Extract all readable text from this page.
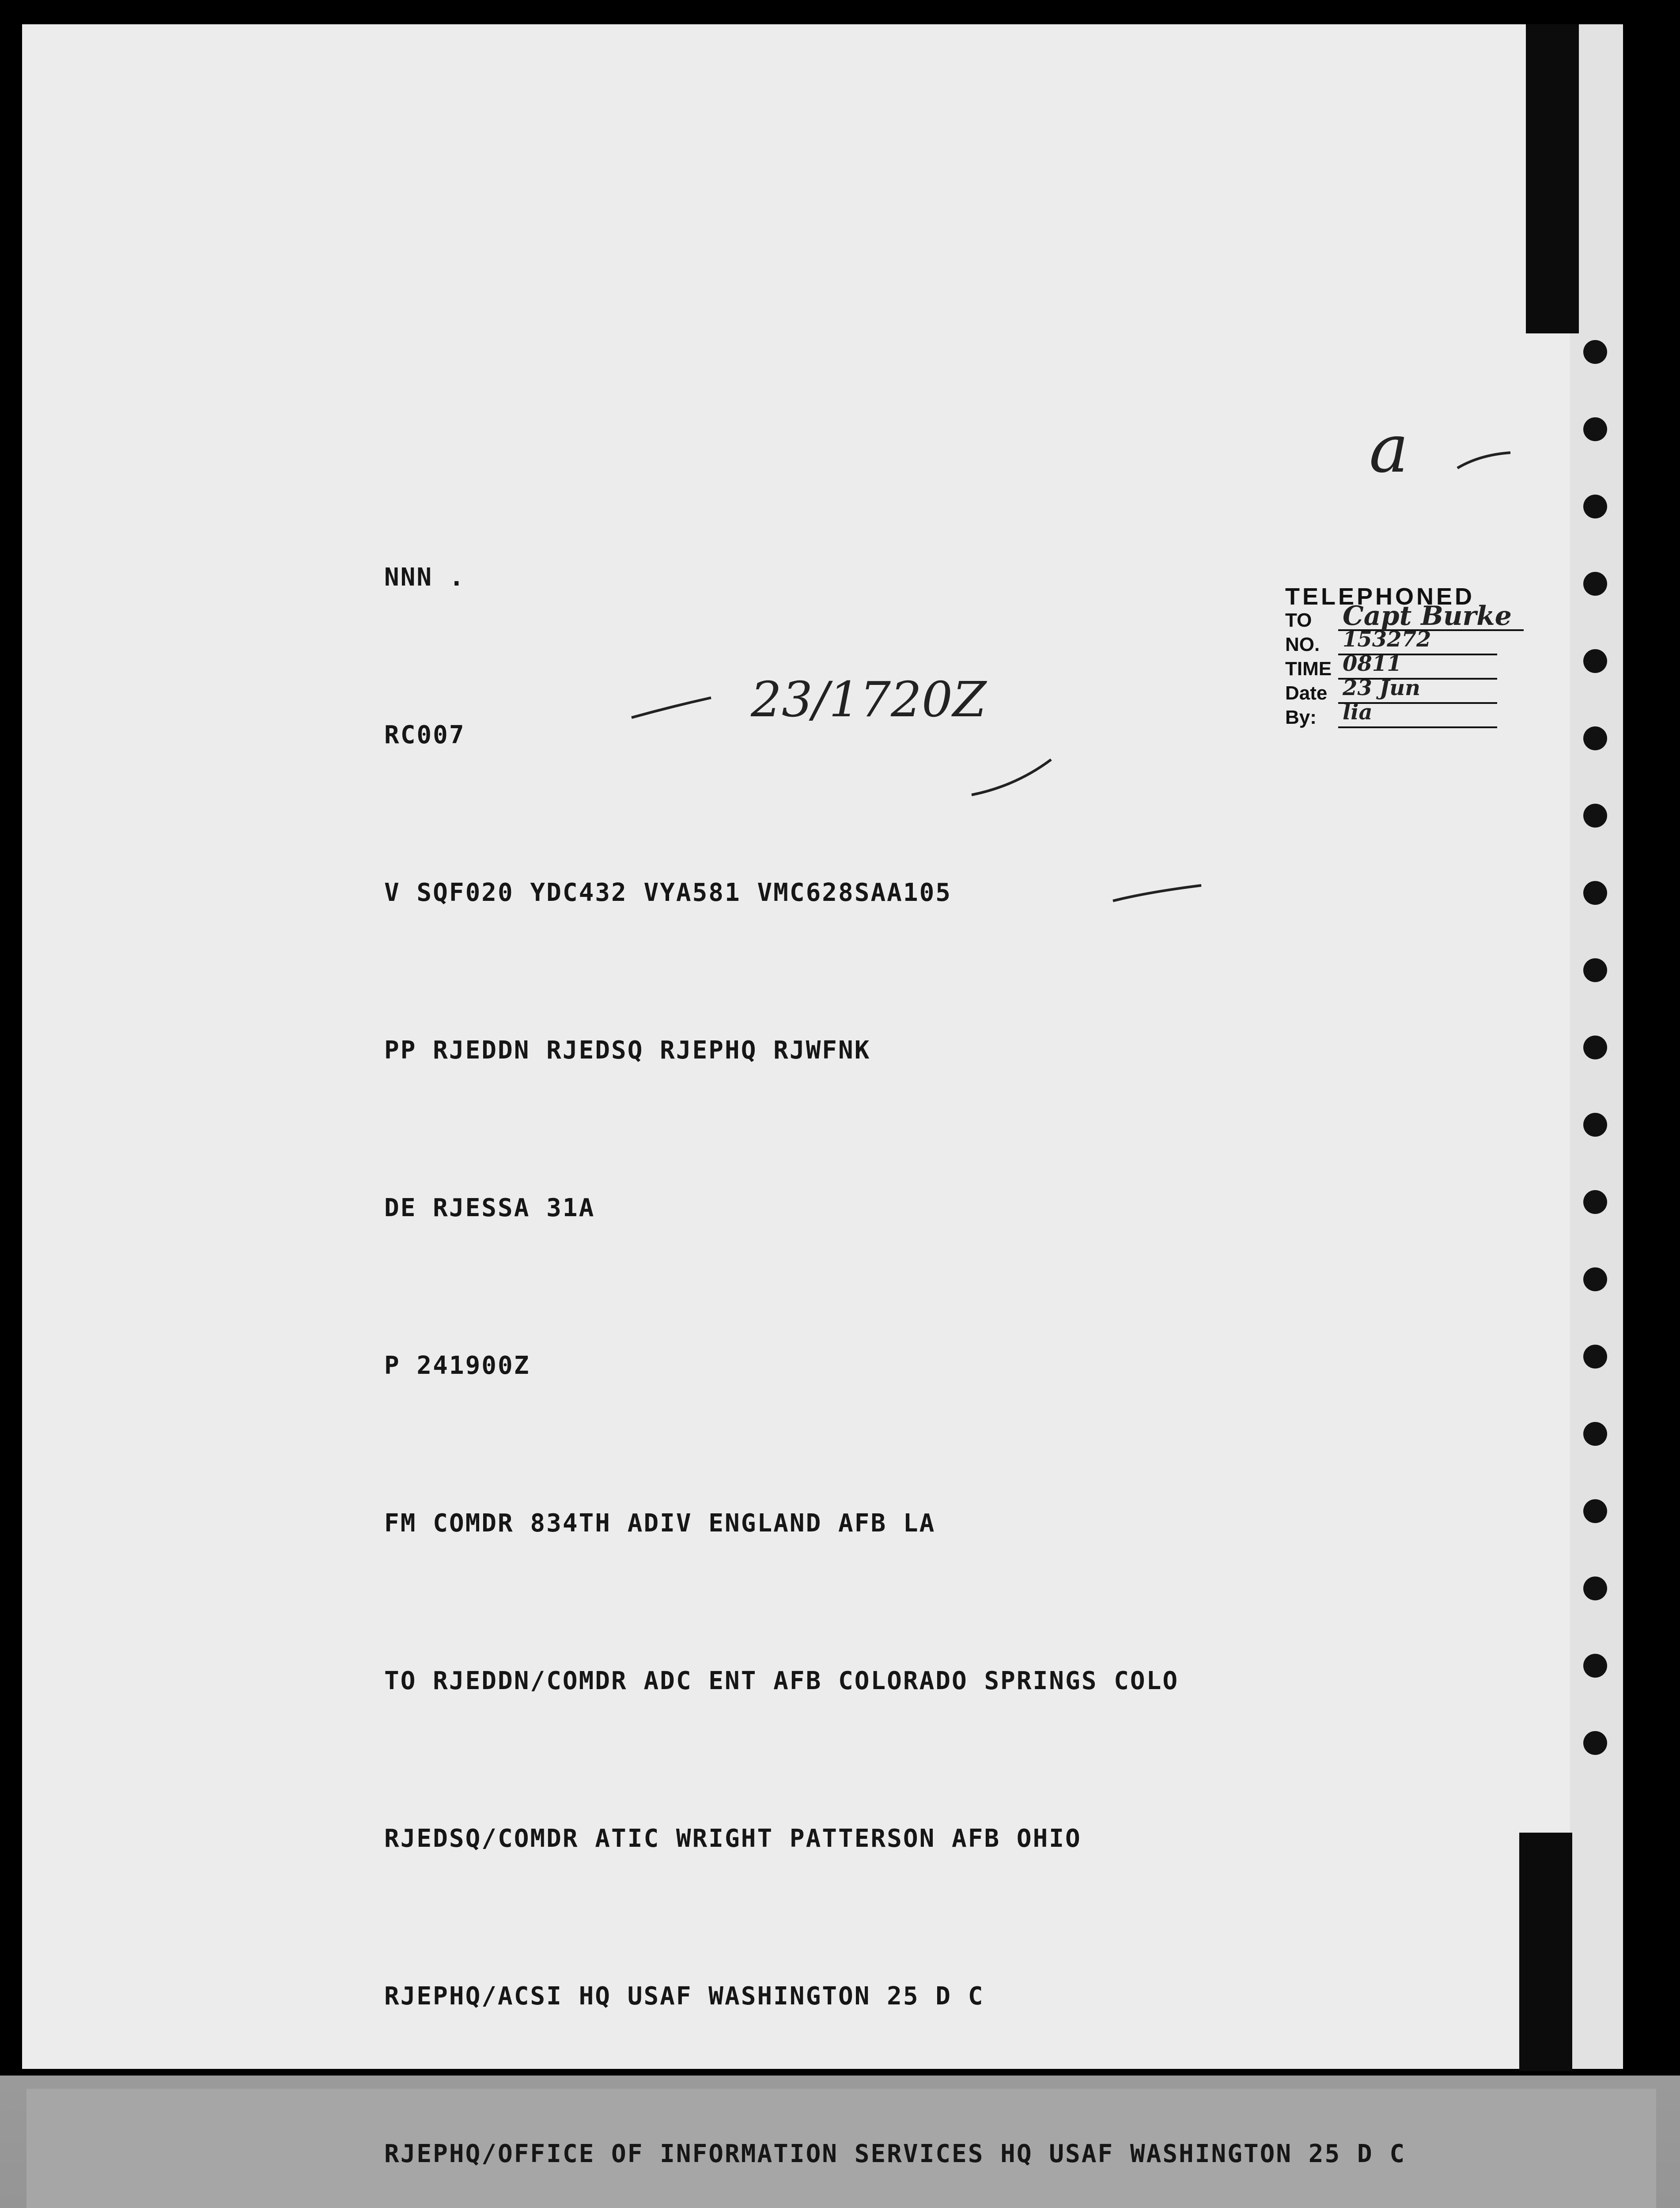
NNN .

RC007

V SQF020 YDC432 VYA581 VMC628SAA105

PP RJEDDN RJEDSQ RJEPHQ RJWFNK

DE RJESSA 31A

P 241900Z

FM COMDR 834TH ADIV ENGLAND AFB LA

TO RJEDDN/COMDR ADC ENT AFB COLORADO SPRINGS COLO

RJEDSQ/COMDR ATIC WRIGHT PATTERSON AFB OHIO

RJEPHQ/ACSI HQ USAF WASHINGTON 25 D C

RJEPHQ/OFFICE OF INFORMATION SERVICES HQ USAF WASHINGTON 25 D C

TELEPHONED
TO
NO.
TIME
Date
By:
Capt Burke
153272
0811
23 Jun
lia
23/1720Z
a
